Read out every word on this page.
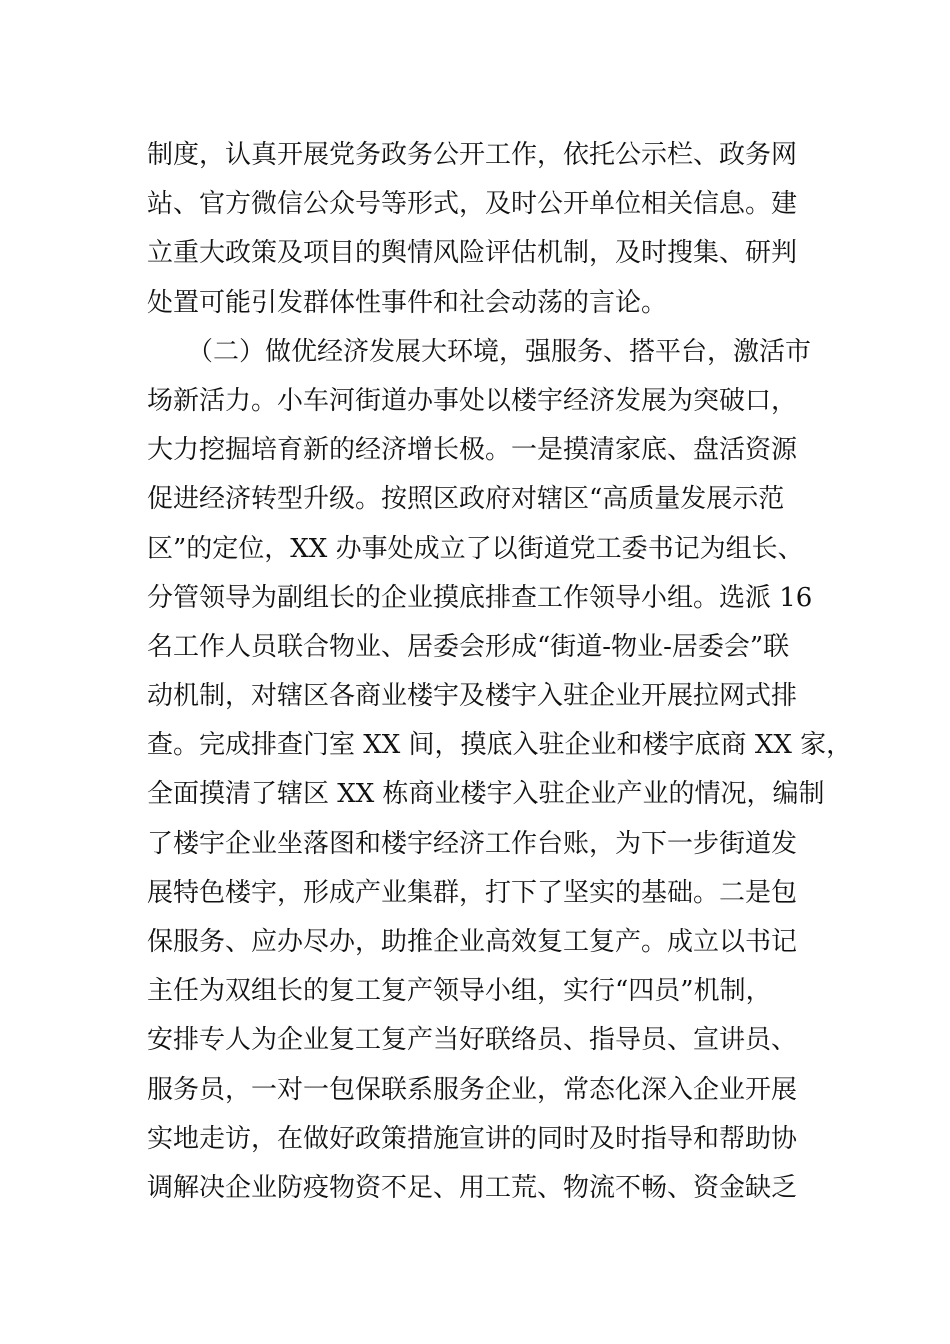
制度，认真开展党务政务公开工作，依托公示栏、政务网
站、官方微信公众号等形式，及时公开单位相关信息。建
立重大政策及项目的舆情风险评估机制，及时搜集、研判
处置可能引发群体性事件和社会动荡的言论。
（二）做优经济发展大环境，强服务、搭平台，激活市
场新活力。小车河街道办事处以楼宇经济发展为突破口，
大力挖掘培育新的经济增长极。一是摸清家底、盘活资源
促进经济转型升级。按照区政府对辖区“高质量发展示范
区”的定位，XX 办事处成立了以街道党工委书记为组长、
分管领导为副组长的企业摸底排查工作领导小组。选派 16
名工作人员联合物业、居委会形成“街道-物业-居委会”联
动机制，对辖区各商业楼宇及楼宇入驻企业开展拉网式排
查。完成排查门室 XX 间，摸底入驻企业和楼宇底商 XX 家，
全面摸清了辖区 XX 栋商业楼宇入驻企业产业的情况，编制
了楼宇企业坐落图和楼宇经济工作台账，为下一步街道发
展特色楼宇，形成产业集群，打下了坚实的基础。二是包
保服务、应办尽办，助推企业高效复工复产。成立以书记
主任为双组长的复工复产领导小组，实行“四员”机制，
安排专人为企业复工复产当好联络员、指导员、宣讲员、
服务员，一对一包保联系服务企业，常态化深入企业开展
实地走访，在做好政策措施宣讲的同时及时指导和帮助协
调解决企业防疫物资不足、用工荒、物流不畅、资金缺乏
